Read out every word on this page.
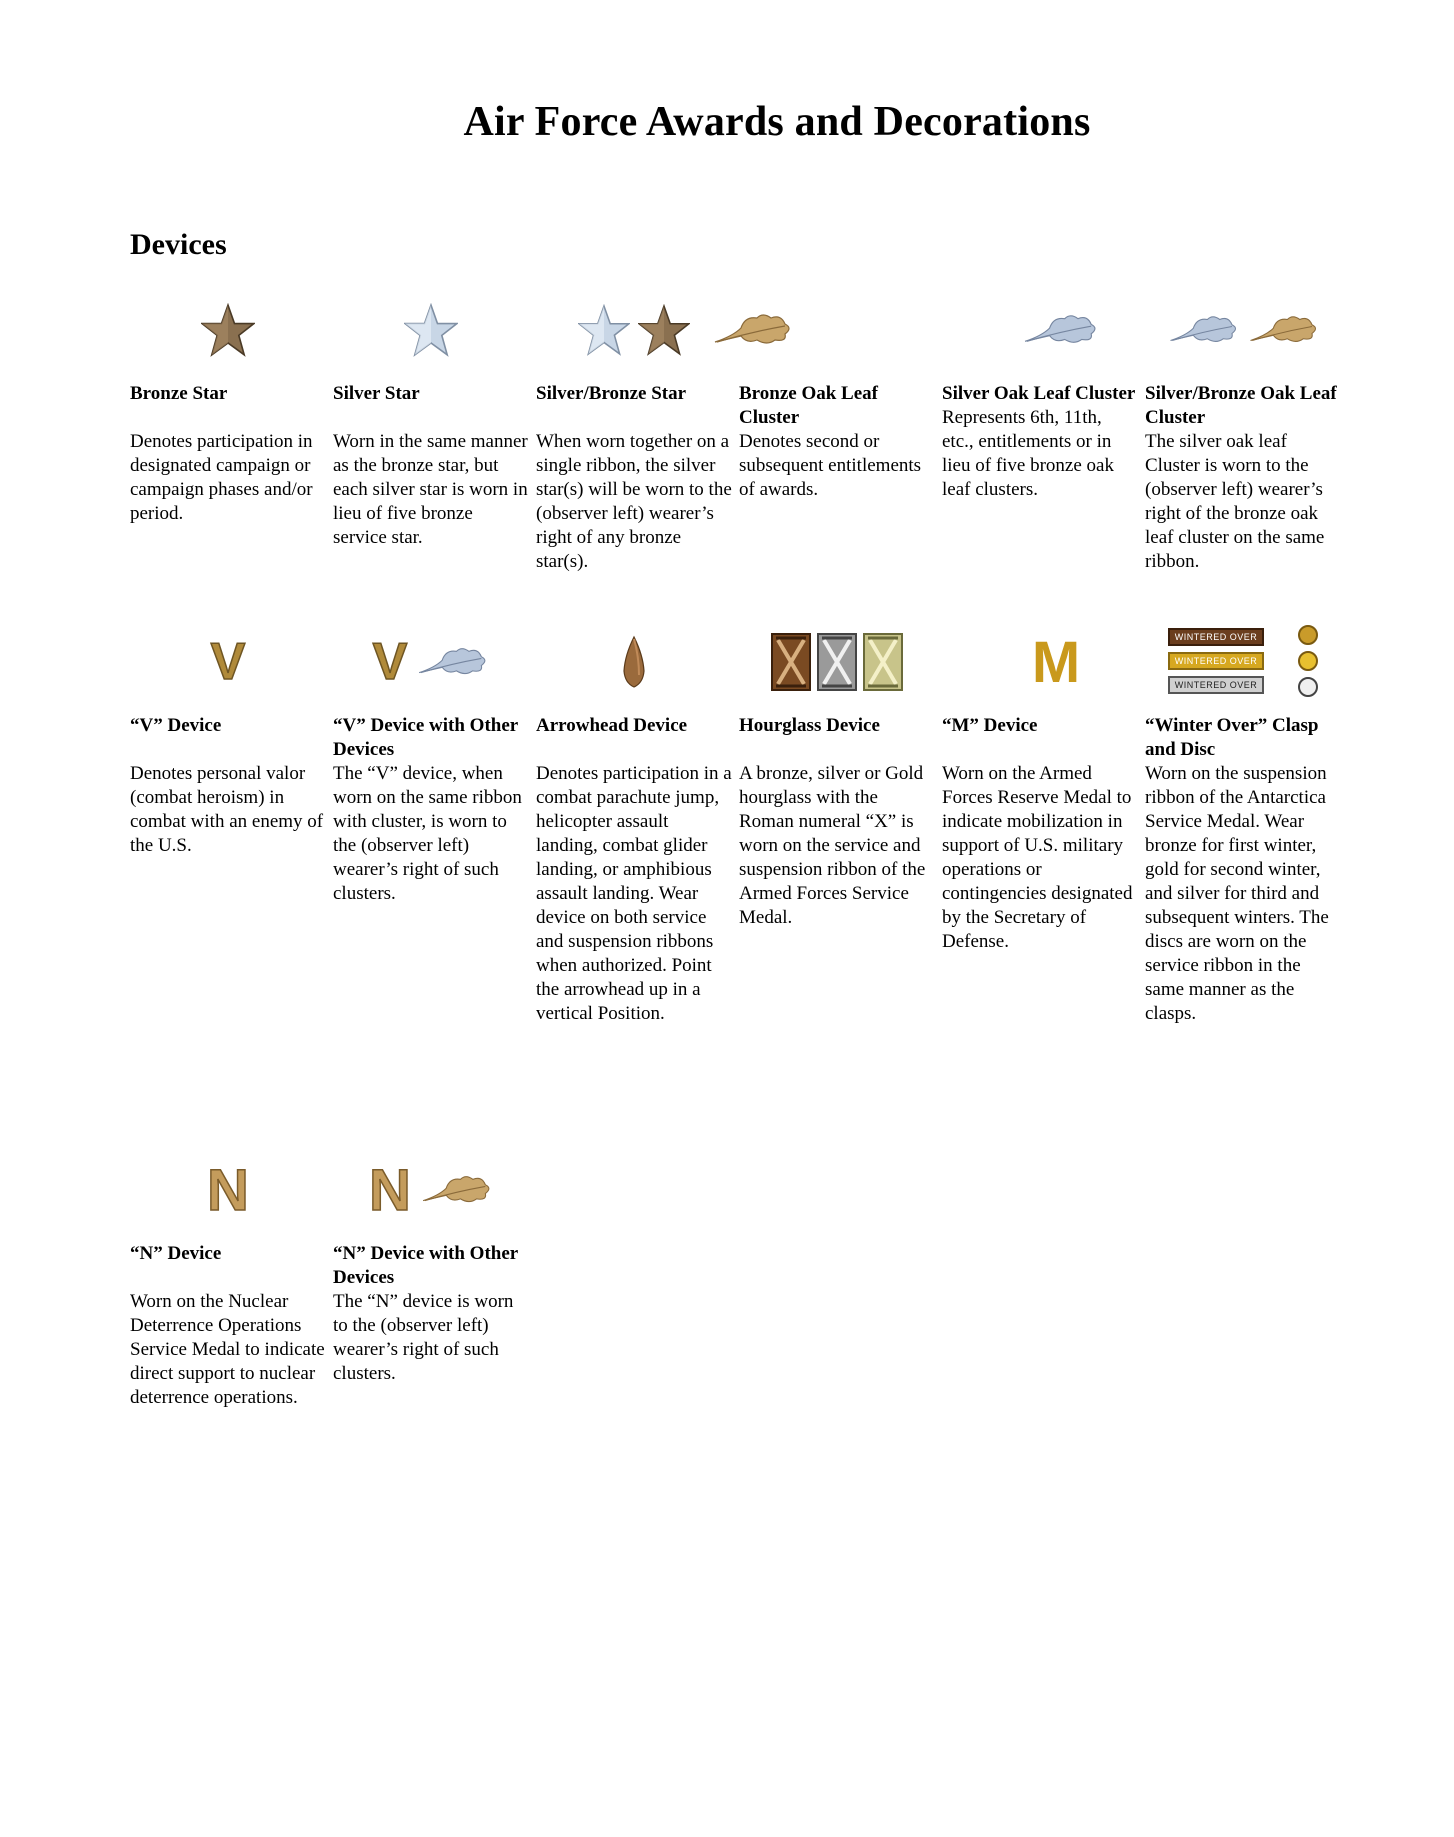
Air Force Awards and Decorations
Devices
Bronze Star
Denotes participation in designated campaign or campaign phases and/or period.
Silver Star
Worn in the same manner as the bronze star, but each silver star is worn in lieu of five bronze service star.
Silver/Bronze Star
When worn together on a single ribbon, the silver star(s) will be worn to the (observer left) wearer’s right of any bronze star(s).
Bronze Oak Leaf Cluster
Denotes second or subsequent entitlements of awards.
Silver Oak Leaf Cluster
Represents 6th, 11th, etc., entitlements or in lieu of five bronze oak leaf clusters.
Silver/Bronze Oak Leaf Cluster
The silver oak leaf Cluster is worn to the (observer left) wearer’s right of the bronze oak leaf cluster on the same ribbon.
V
“V” Device
Denotes personal valor (combat heroism) in combat with an enemy of the U.S.
V
“V” Device with Other Devices
The “V” device, when worn on the same ribbon with cluster, is worn to the (observer left) wearer’s right of such clusters.
Arrowhead Device
Denotes participation in a combat parachute jump, helicopter assault landing, combat glider landing, or amphibious assault landing. Wear device on both service and suspension ribbons when authorized. Point the arrowhead up in a vertical Position.
Hourglass Device
A bronze, silver or Gold hourglass with the Roman numeral “X” is worn on the service and suspension ribbon of the Armed Forces Service Medal.
M
“M” Device
Worn on the Armed Forces Reserve Medal to indicate mobilization in support of U.S. military operations or contingencies designated by the Secretary of Defense.
WINTERED OVER
WINTERED OVER
WINTERED OVER
“Winter Over” Clasp and Disc
Worn on the suspension ribbon of the Antarctica Service Medal. Wear bronze for first winter, gold for second winter, and silver for third and subsequent winters. The discs are worn on the service ribbon in the same manner as the clasps.
N
“N” Device
Worn on the Nuclear Deterrence Operations Service Medal to indicate direct support to nuclear deterrence operations.
N
“N” Device with Other Devices
The “N” device is worn to the (observer left) wearer’s right of such clusters.
